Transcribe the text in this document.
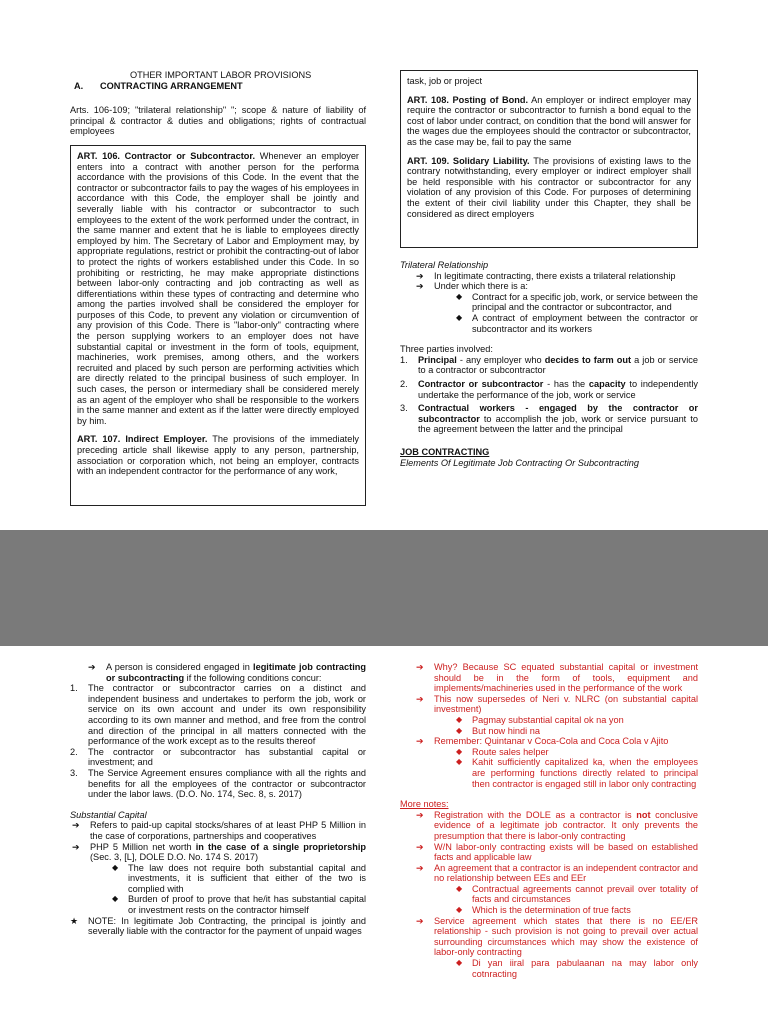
OTHER IMPORTANT LABOR PROVISIONS

A. CONTRACTING ARRANGEMENT

Arts. 106-109; "trilateral relationship" "; scope & nature of liability of principal & contractor & duties and obligations; rights of contractual employees

ART. 106. Contractor or Subcontractor. Whenever an employer enters into a contract with another person for the performa accordance with the provisions of this Code. In the event that the contractor or subcontractor fails to pay the wages of his employees in accordance with this Code, the employer shall be jointly and severally liable with his contractor or subcontractor to such employees to the extent of the work performed under the contract, in the same manner and extent that he is liable to employees directly employed by him. The Secretary of Labor and Employment may, by appropriate regulations, restrict or prohibit the contracting-out of labor to protect the rights of workers established under this Code. In so prohibiting or restricting, he may make appropriate distinctions between labor-only contracting and job contracting as well as differentiations within these types of contracting and determine who among the parties involved shall be considered the employer for purposes of this Code, to prevent any violation or circumvention of any provision of this Code. There is "labor-only" contracting where the person supplying workers to an employer does not have substantial capital or investment in the form of tools, equipment, machineries, work premises, among others, and the workers recruited and placed by such person are performing activities which are directly related to the principal business of such employer. In such cases, the person or intermediary shall be considered merely as an agent of the employer who shall be responsible to the workers in the same manner and extent as if the latter were directly employed by him.

ART. 107. Indirect Employer. The provisions of the immediately preceding article shall likewise apply to any person, partnership, association or corporation which, not being an employer, contracts with an independent contractor for the performance of any work,

task, job or project

ART. 108. Posting of Bond. An employer or indirect employer may require the contractor or subcontractor to furnish a bond equal to the cost of labor under contract, on condition that the bond will answer for the wages due the employees should the contractor or subcontractor, as the case may be, fail to pay the same

ART. 109. Solidary Liability. The provisions of existing laws to the contrary notwithstanding, every employer or indirect employer shall be held responsible with his contractor or subcontractor for any violation of any provision of this Code. For purposes of determining the extent of their civil liability under this Chapter, they shall be considered as direct employers

Trilateral Relationship

➔ In legitimate contracting, there exists a trilateral relationship
➔ Under which there is a:
◆ Contract for a specific job, work, or service between the principal and the contractor or subcontractor, and
◆ A contract of employment between the contractor or subcontractor and its workers

Three parties involved:

1. Principal - any employer who decides to farm out a job or service to a contractor or subcontractor
2. Contractor or subcontractor - has the capacity to independently undertake the performance of the job, work or service
3. Contractual workers - engaged by the contractor or subcontractor to accomplish the job, work or service pursuant to the agreement between the latter and the principal

JOB CONTRACTING

Elements Of Legitimate Job Contracting Or Subcontracting

➔ A person is considered engaged in legitimate job contracting or subcontracting if the following conditions concur:
1. The contractor or subcontractor carries on a distinct and independent business and undertakes to perform the job, work or service on its own account and under its own responsibility according to its own manner and method, and free from the control and direction of the principal in all matters connected with the performance of the work except as to the results thereof
2. The contractor or subcontractor has substantial capital or investment; and
3. The Service Agreement ensures compliance with all the rights and benefits for all the employees of the contractor or subcontractor under the labor laws. (D.O. No. 174, Sec. 8, s. 2017)

Substantial Capital

➔ Refers to paid-up capital stocks/shares of at least PHP 5 Million in the case of corporations, partnerships and cooperatives
➔ PHP 5 Million net worth in the case of a single proprietorship (Sec. 3, [L], DOLE D.O. No. 174 S. 2017)
◆ The law does not require both substantial capital and investments, it is sufficient that either of the two is complied with
◆ Burden of proof to prove that he/it has substantial capital or investment rests on the contractor himself
★ NOTE: In legitimate Job Contracting, the principal is jointly and severally liable with the contractor for the payment of unpaid wages
➔ Why? Because SC equated substantial capital or investment should be in the form of tools, equipment and implements/machineries used in the performance of the work
➔ This now supersedes of Neri v. NLRC (on substantial capital investment)
◆ Pagmay substantial capital ok na yon
◆ But now hindi na
➔ Remember: Quintanar v Coca-Cola and Coca Cola v Ajito
◆ Route sales helper
◆ Kahit sufficiently capitalized ka, when the employees are performing functions directly related to principal then contractor is engaged still in labor only contracting

More notes:

➔ Registration with the DOLE as a contractor is not conclusive evidence of a legitimate job contractor. It only prevents the presumption that there is labor-only contracting
➔ W/N labor-only contracting exists will be based on established facts and applicable law
➔ An agreement that a contractor is an independent contractor and no relationship between EEs and EEr
◆ Contractual agreements cannot prevail over totality of facts and circumstances
◆ Which is the determination of true facts
➔ Service agreement which states that there is no EE/ER relationship - such provision is not going to prevail over actual surrounding circumstances which may show the existence of labor-only contracting
◆ Di yan iiral para pabulaanan na may labor only cotnracting
